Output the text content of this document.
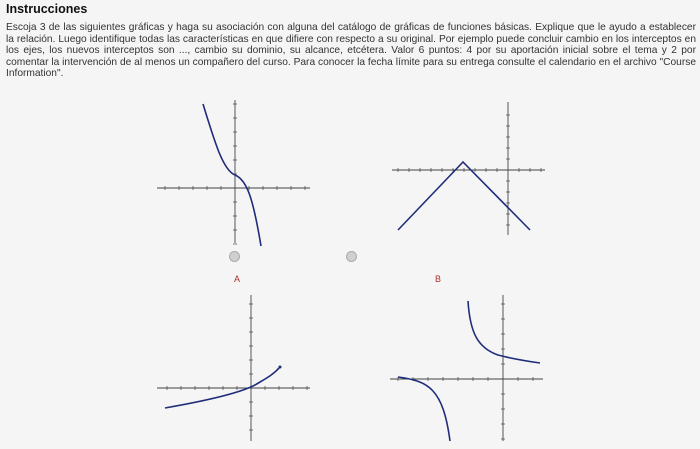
Instrucciones
Escoja 3 de las siguientes gráficas y haga su asociación con alguna del catálogo de gráficas de funciones básicas. Explique que le ayudo a establecer la relación. Luego identifique todas las características en que difiere con respecto a su original. Por ejemplo puede concluir cambio en los interceptos en los ejes, los nuevos interceptos son ..., cambio su dominio, su alcance, etcétera. Valor 6 puntos: 4 por su aportación inicial sobre el tema y 2 por comentar la intervención de al menos un compañero del curso. Para conocer la fecha límite para su entrega consulte el calendario en el archivo "Course Information".
A	B
